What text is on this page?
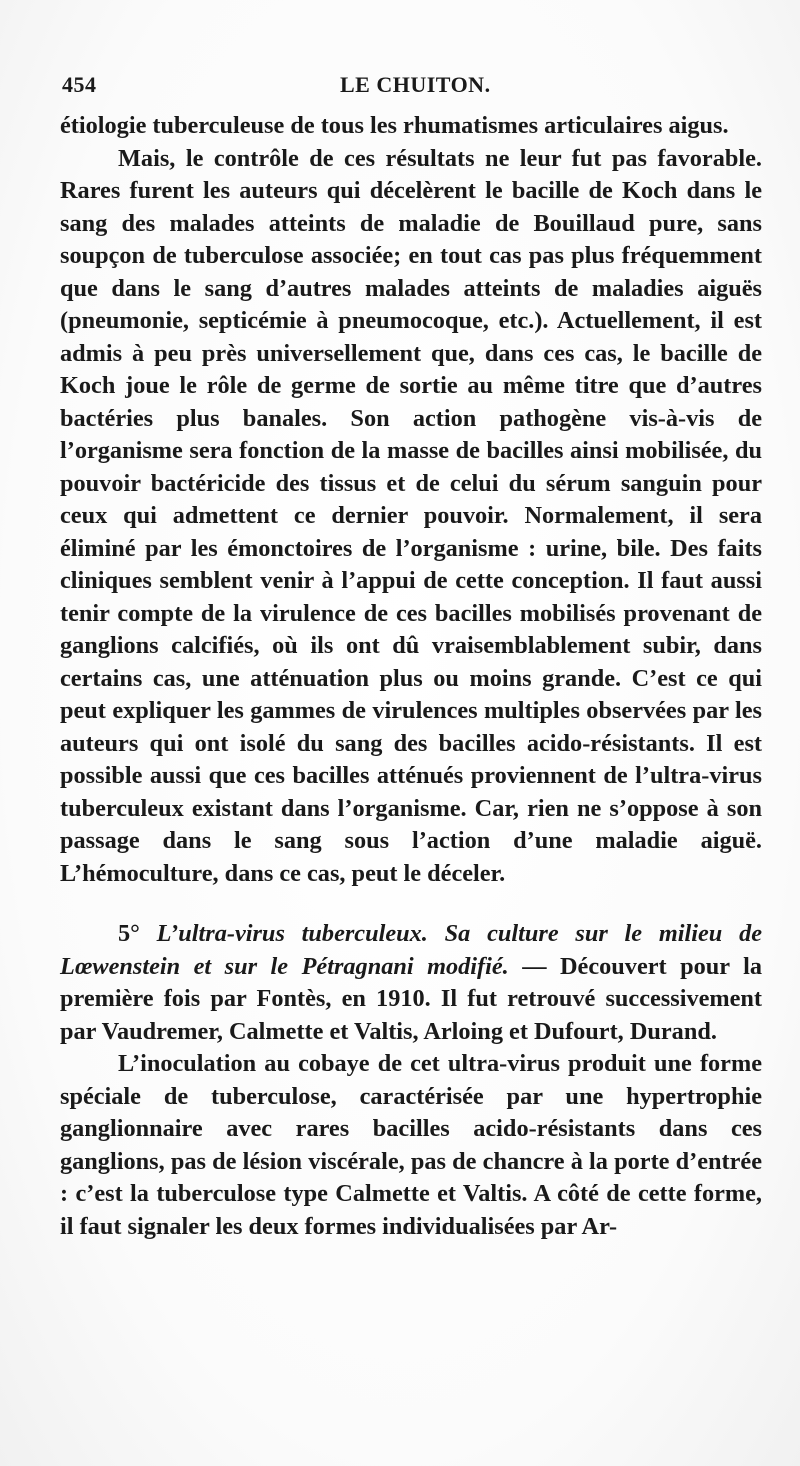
454	LE CHUITON.

étiologie tuberculeuse de tous les rhumatismes articulaires aigus.

Mais, le contrôle de ces résultats ne leur fut pas favorable. Rares furent les auteurs qui décelèrent le bacille de Koch dans le sang des malades atteints de maladie de Bouillaud pure, sans soupçon de tuberculose associée; en tout cas pas plus fréquemment que dans le sang d’autres malades atteints de maladies aiguës (pneumonie, septicémie à pneumocoque, etc.). Actuellement, il est admis à peu près universellement que, dans ces cas, le bacille de Koch joue le rôle de germe de sortie au même titre que d’autres bactéries plus banales. Son action pathogène vis-à-vis de l’organisme sera fonction de la masse de bacilles ainsi mobilisée, du pouvoir bactéricide des tissus et de celui du sérum sanguin pour ceux qui admettent ce dernier pouvoir. Normalement, il sera éliminé par les émonctoires de l’organisme : urine, bile. Des faits cliniques semblent venir à l’appui de cette conception. Il faut aussi tenir compte de la virulence de ces bacilles mobilisés provenant de ganglions calcifiés, où ils ont dû vraisemblablement subir, dans certains cas, une atténuation plus ou moins grande. C’est ce qui peut expliquer les gammes de virulences multiples observées par les auteurs qui ont isolé du sang des bacilles acido-résistants. Il est possible aussi que ces bacilles atténués proviennent de l’ultra-virus tuberculeux existant dans l’organisme. Car, rien ne s’oppose à son passage dans le sang sous l’action d’une maladie aiguë. L’hémoculture, dans ce cas, peut le déceler.

5° L’ultra-virus tuberculeux. Sa culture sur le milieu de Lœwenstein et sur le Pétragnani modifié. — Découvert pour la première fois par Fontès, en 1910. Il fut retrouvé successivement par Vaudremer, Calmette et Valtis, Arloing et Dufourt, Durand.

L’inoculation au cobaye de cet ultra-virus produit une forme spéciale de tuberculose, caractérisée par une hypertrophie ganglionnaire avec rares bacilles acido-résistants dans ces ganglions, pas de lésion viscérale, pas de chancre à la porte d’entrée : c’est la tuberculose type Calmette et Valtis. A côté de cette forme, il faut signaler les deux formes individualisées par Ar-
